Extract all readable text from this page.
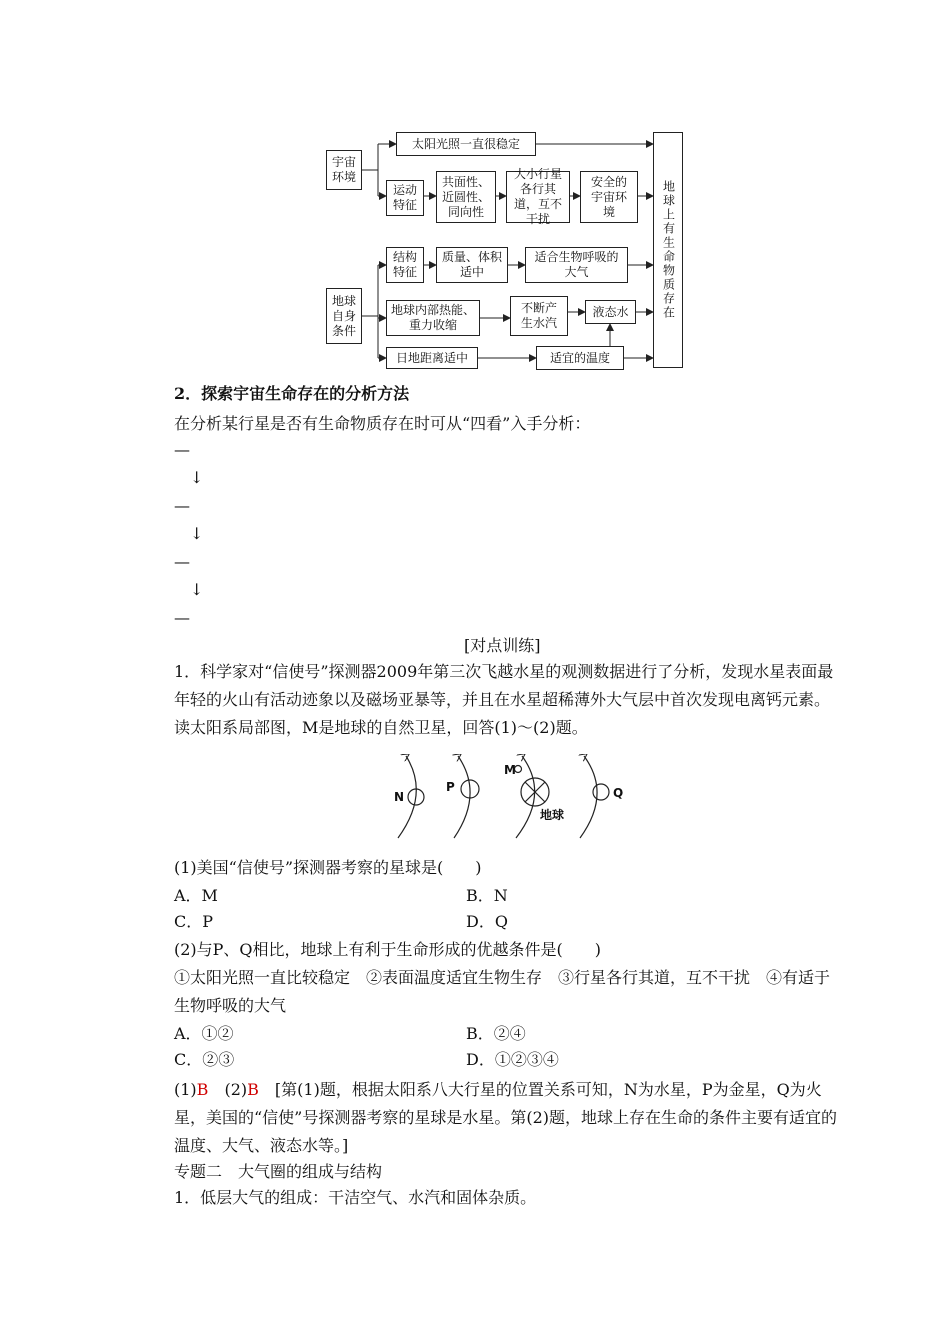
宇宙环境
太阳光照一直很稳定
运动特征
共面性、近圆性、同向性
大小行星各行其道，互不干扰
安全的宇宙环境	地球上有生命物质存在
地球自身条件
结构特征
质量、体积适中
适合生物呼吸的大气
地球内部热能、重力收缩
不断产生水汽
液态水
日地距离适中	适宜的温度
2．探索宇宙生命存在的分析方法
在分析某行星是否有生命物质存在时可从“四看”入手分析：
—
↓
—
↓
—
↓
—
[对点训练]
1．科学家对“信使号”探测器2009年第三次飞越水星的观测数据进行了分析，发现水星表面最年轻的火山有活动迹象以及磁场亚暴等，并且在水星超稀薄外大气层中首次发现电离钙元素。读太阳系局部图，M是地球的自然卫星，回答(1)～(2)题。
N
P
M
Q
地球
(1)美国“信使号”探测器考察的星球是(　　)
A．M	B．N
C．P	D．Q
(2)与P、Q相比，地球上有利于生命形成的优越条件是(　　)
①太阳光照一直比较稳定　②表面温度适宜生物生存　③行星各行其道，互不干扰　④有适于生物呼吸的大气
A．①②	B．②④
C．②③	D．①②③④
(1)B　 (2)B　 [第(1)题，根据太阳系八大行星的位置关系可知，N为水星，P为金星，Q为火星，美国的“信使”号探测器考察的星球是水星。第(2)题，地球上存在生命的条件主要有适宜的温度、大气、液态水等。]
专题二　大气圈的组成与结构
1．低层大气的组成：干洁空气、水汽和固体杂质。
